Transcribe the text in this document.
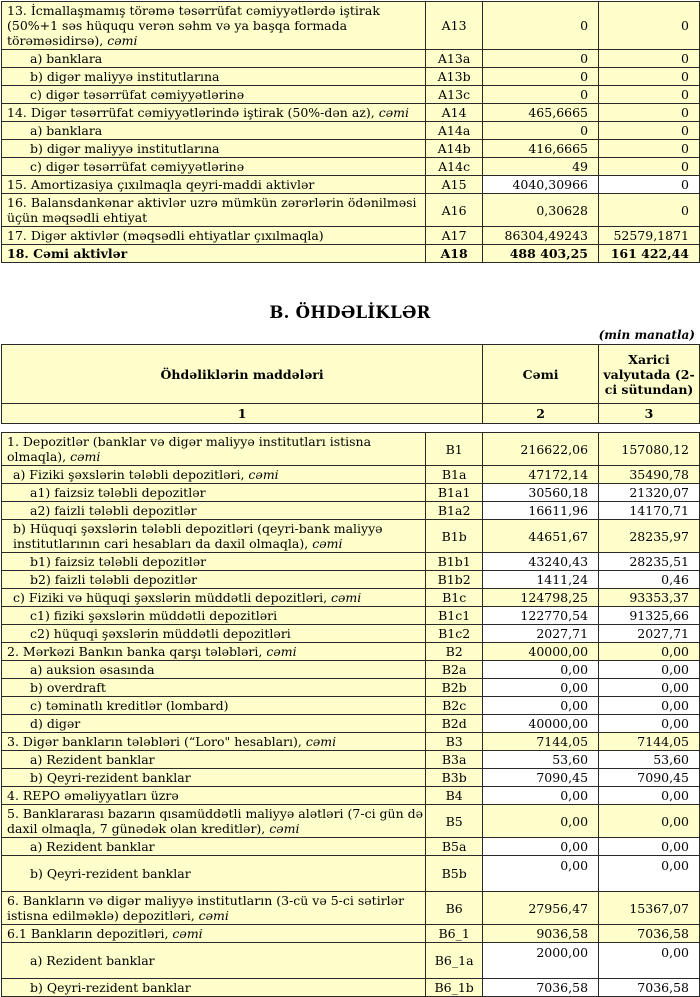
13. İcmallaşmamış törəmə təsərrüfat cəmiyyətlərdə iştirak (50%+1 səs hüququ verən səhm və ya başqa formada törəməsidirsə), cəmi	A13	0	0
a) banklara	A13a	0	0
b) digər maliyyə institutlarına	A13b	0	0
c) digər təsərrüfat cəmiyyətlərinə	A13c	0	0
14. Digər təsərrüfat cəmiyyətlərində iştirak (50%-dən az), cəmi	A14	465,6665	0
a) banklara	A14a	0	0
b) digər maliyyə institutlarına	A14b	416,6665	0
c) digər təsərrüfat cəmiyyətlərinə	A14c	49	0
15. Amortizasiya çıxılmaqla qeyri-maddi aktivlər	A15	4040,30966	0
16. Balansdankənar aktivlər uzrə mümkün zərərlərin ödənilməsi üçün məqsədli ehtiyat	A16	0,30628	0
17. Digər aktivlər (məqsədli ehtiyatlar çıxılmaqla)	A17	86304,49243	52579,1871
18. Cəmi aktivlər	A18	488 403,25	161 422,44
B. ÖHDƏLİKLƏR
(min manatla)
Öhdəliklərin maddələri	Cəmi	Xarici valyutada (2-ci sütundan)
1	2	3
1. Depozitlər (banklar və digər maliyyə institutları istisna olmaqla), cəmi	B1	216622,06	157080,12
a) Fiziki şəxslərin tələbli depozitləri, cəmi	B1a	47172,14	35490,78
a1) faizsiz tələbli depozitlər	B1a1	30560,18	21320,07
a2) faizli tələbli depozitlər	B1a2	16611,96	14170,71
b) Hüquqi şəxslərin tələbli depozitləri (qeyri-bank maliyyə institutlarının cari hesabları da daxil olmaqla), cəmi	B1b	44651,67	28235,97
b1) faizsiz tələbli depozitlər	B1b1	43240,43	28235,51
b2) faizli tələbli depozitlər	B1b2	1411,24	0,46
c) Fiziki və hüquqi şəxslərin müddətli depozitləri, cəmi	B1c	124798,25	93353,37
c1) fiziki şəxslərin müddətli depozitləri	B1c1	122770,54	91325,66
c2) hüquqi şəxslərin müddətli depozitləri	B1c2	2027,71	2027,71
2. Mərkəzi Bankın banka qarşı tələbləri, cəmi	B2	40000,00	0,00
a) auksion əsasında	B2a	0,00	0,00
b) overdraft	B2b	0,00	0,00
c) təminatlı kreditlər (lombard)	B2c	0,00	0,00
d) digər	B2d	40000,00	0,00
3. Digər bankların tələbləri (“Loro" hesabları), cəmi	B3	7144,05	7144,05
a) Rezident banklar	B3a	53,60	53,60
b) Qeyri-rezident banklar	B3b	7090,45	7090,45
4. REPO əməliyyatları üzrə	B4	0,00	0,00
5. Banklararası bazarın qısamüddətli maliyyə alətləri (7-ci gün də daxil olmaqla, 7 günədək olan kreditlər), cəmi	B5	0,00	0,00
a) Rezident banklar	B5a	0,00	0,00
b) Qeyri-rezident banklar	B5b	0,00	0,00
6. Bankların və digər maliyyə institutların (3-cü və 5-ci sətirlər istisna edilməklə) depozitləri, cəmi	B6	27956,47	15367,07
6.1 Bankların depozitləri, cəmi	B6_1	9036,58	7036,58
a) Rezident banklar	B6_1a	2000,00	0,00
b) Qeyri-rezident banklar	B6_1b	7036,58	7036,58
